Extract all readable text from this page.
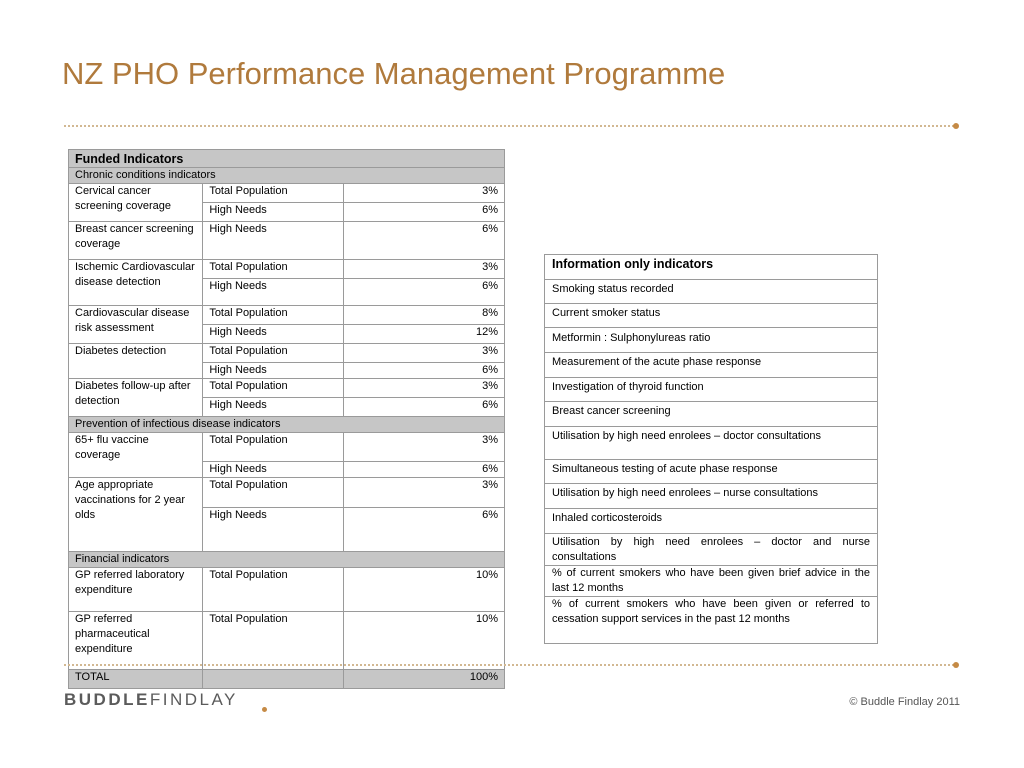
NZ PHO Performance Management Programme
Funded Indicators		
Chronic conditions indicators		
Cervical cancer screening coverage	Total Population	3%
	High Needs	6%
Breast cancer screening coverage	High Needs	6%
Ischemic Cardiovascular disease detection	Total Population	3%
	High Needs	6%
Cardiovascular disease risk assessment	Total Population	8%
	High Needs	12%
Diabetes detection	Total Population	3%
	High Needs	6%
Diabetes follow-up after detection	Total Population	3%
	High Needs	6%
Prevention of infectious disease indicators		
65+ flu vaccine coverage	Total Population	3%
	High Needs	6%
Age appropriate vaccinations for 2 year olds	Total Population	3%
	High Needs	6%
Financial indicators		
GP referred laboratory expenditure	Total Population	10%
GP referred pharmaceutical expenditure	Total Population	10%
TOTAL		100%
Information only indicators
Smoking status recorded
Current smoker status
Metformin : Sulphonylureas ratio
Measurement of the acute phase response
Investigation of thyroid function
Breast cancer screening
Utilisation by high need enrolees – doctor consultations
Simultaneous testing of acute phase response
Utilisation by high need enrolees – nurse consultations
Inhaled corticosteroids
Utilisation by high need enrolees – doctor and nurse consultations
% of current smokers who have been given brief advice in the last 12 months
% of current smokers who have been given or referred to cessation support services in the past 12 months
BUDDLEFINDLAY	© Buddle Findlay 2011
